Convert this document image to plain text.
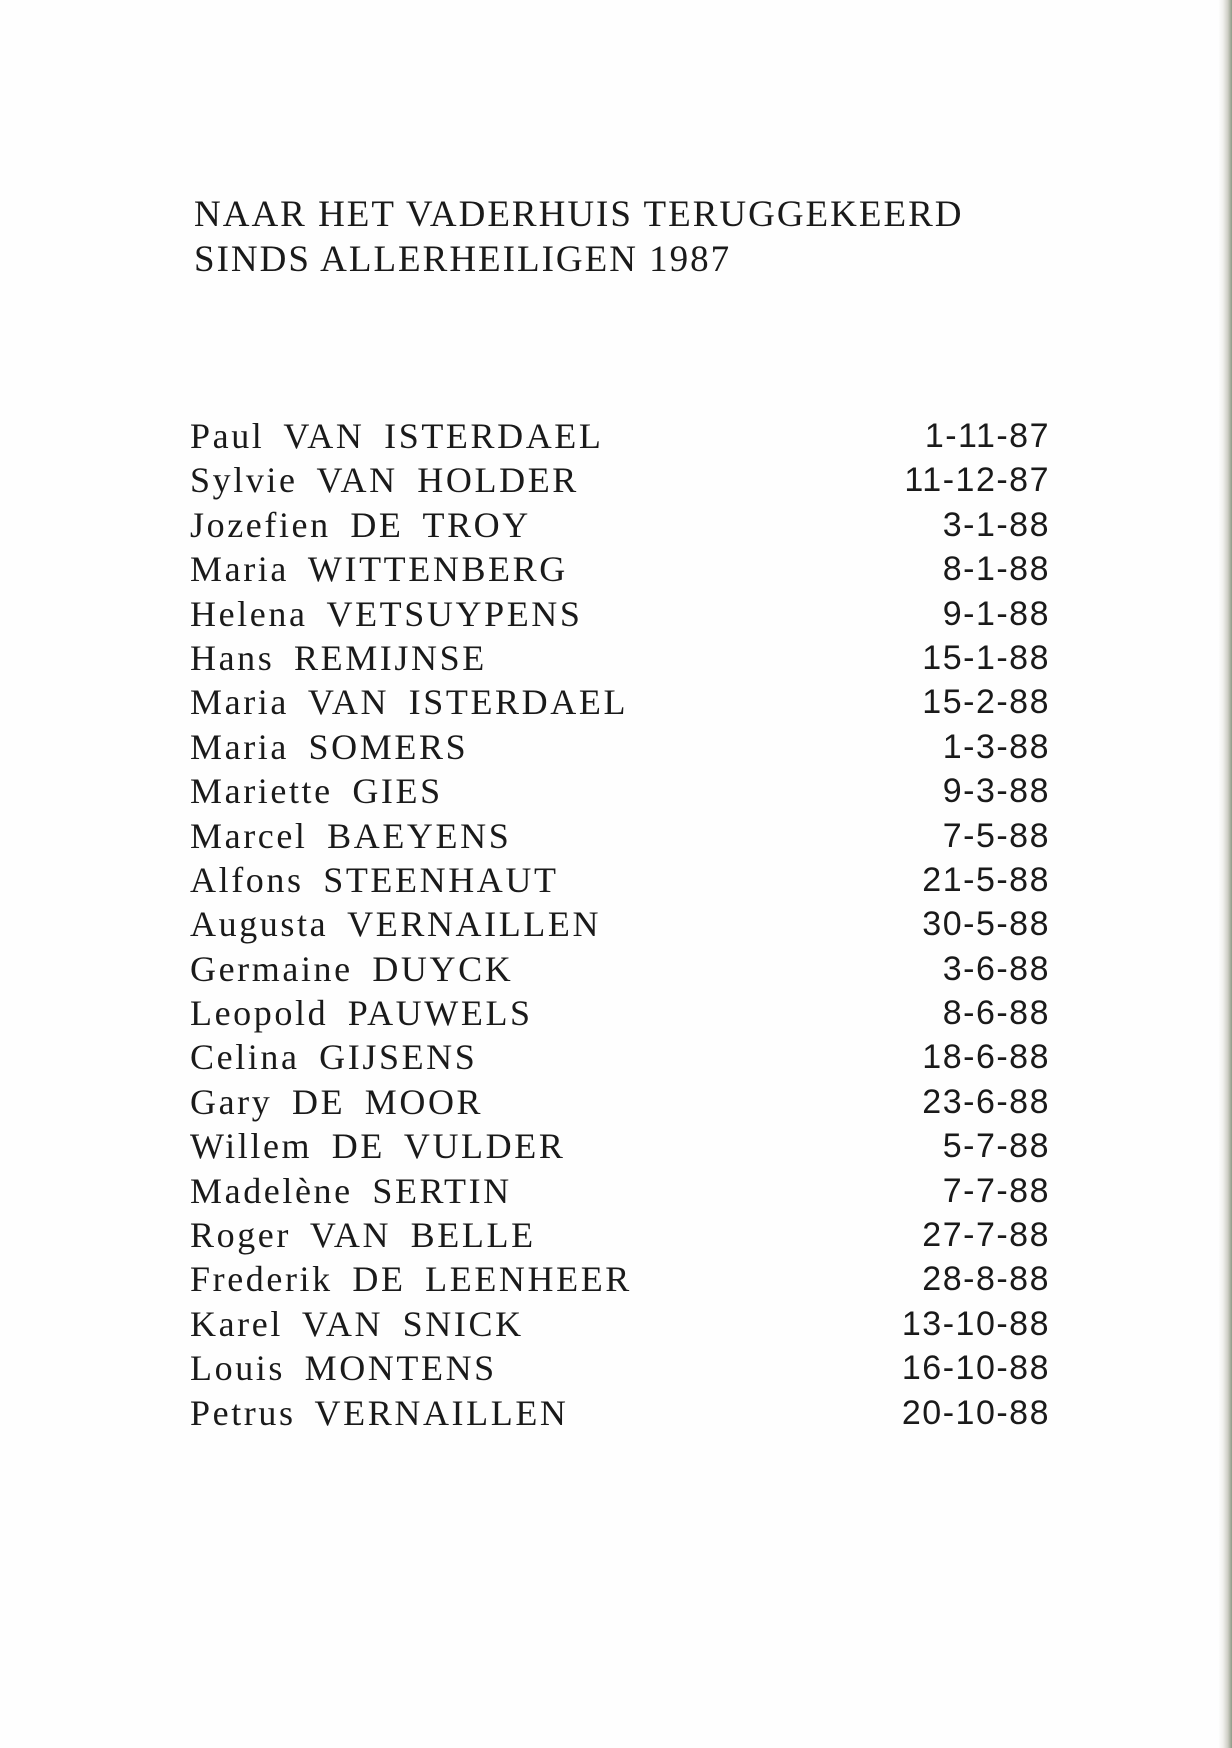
NAAR HET VADERHUIS TERUGGEKEERD
SINDS ALLERHEILIGEN 1987
Paul VAN ISTERDAEL	1-11-87
Sylvie VAN HOLDER	11-12-87
Jozefien DE TROY	3-1-88
Maria WITTENBERG	8-1-88
Helena VETSUYPENS	9-1-88
Hans REMIJNSE	15-1-88
Maria VAN ISTERDAEL	15-2-88
Maria SOMERS	1-3-88
Mariette GIES	9-3-88
Marcel BAEYENS	7-5-88
Alfons STEENHAUT	21-5-88
Augusta VERNAILLEN	30-5-88
Germaine DUYCK	3-6-88
Leopold PAUWELS	8-6-88
Celina GIJSENS	18-6-88
Gary DE MOOR	23-6-88
Willem DE VULDER	5-7-88
Madelène SERTIN	7-7-88
Roger VAN BELLE	27-7-88
Frederik DE LEENHEER	28-8-88
Karel VAN SNICK	13-10-88
Louis MONTENS	16-10-88
Petrus VERNAILLEN	20-10-88
